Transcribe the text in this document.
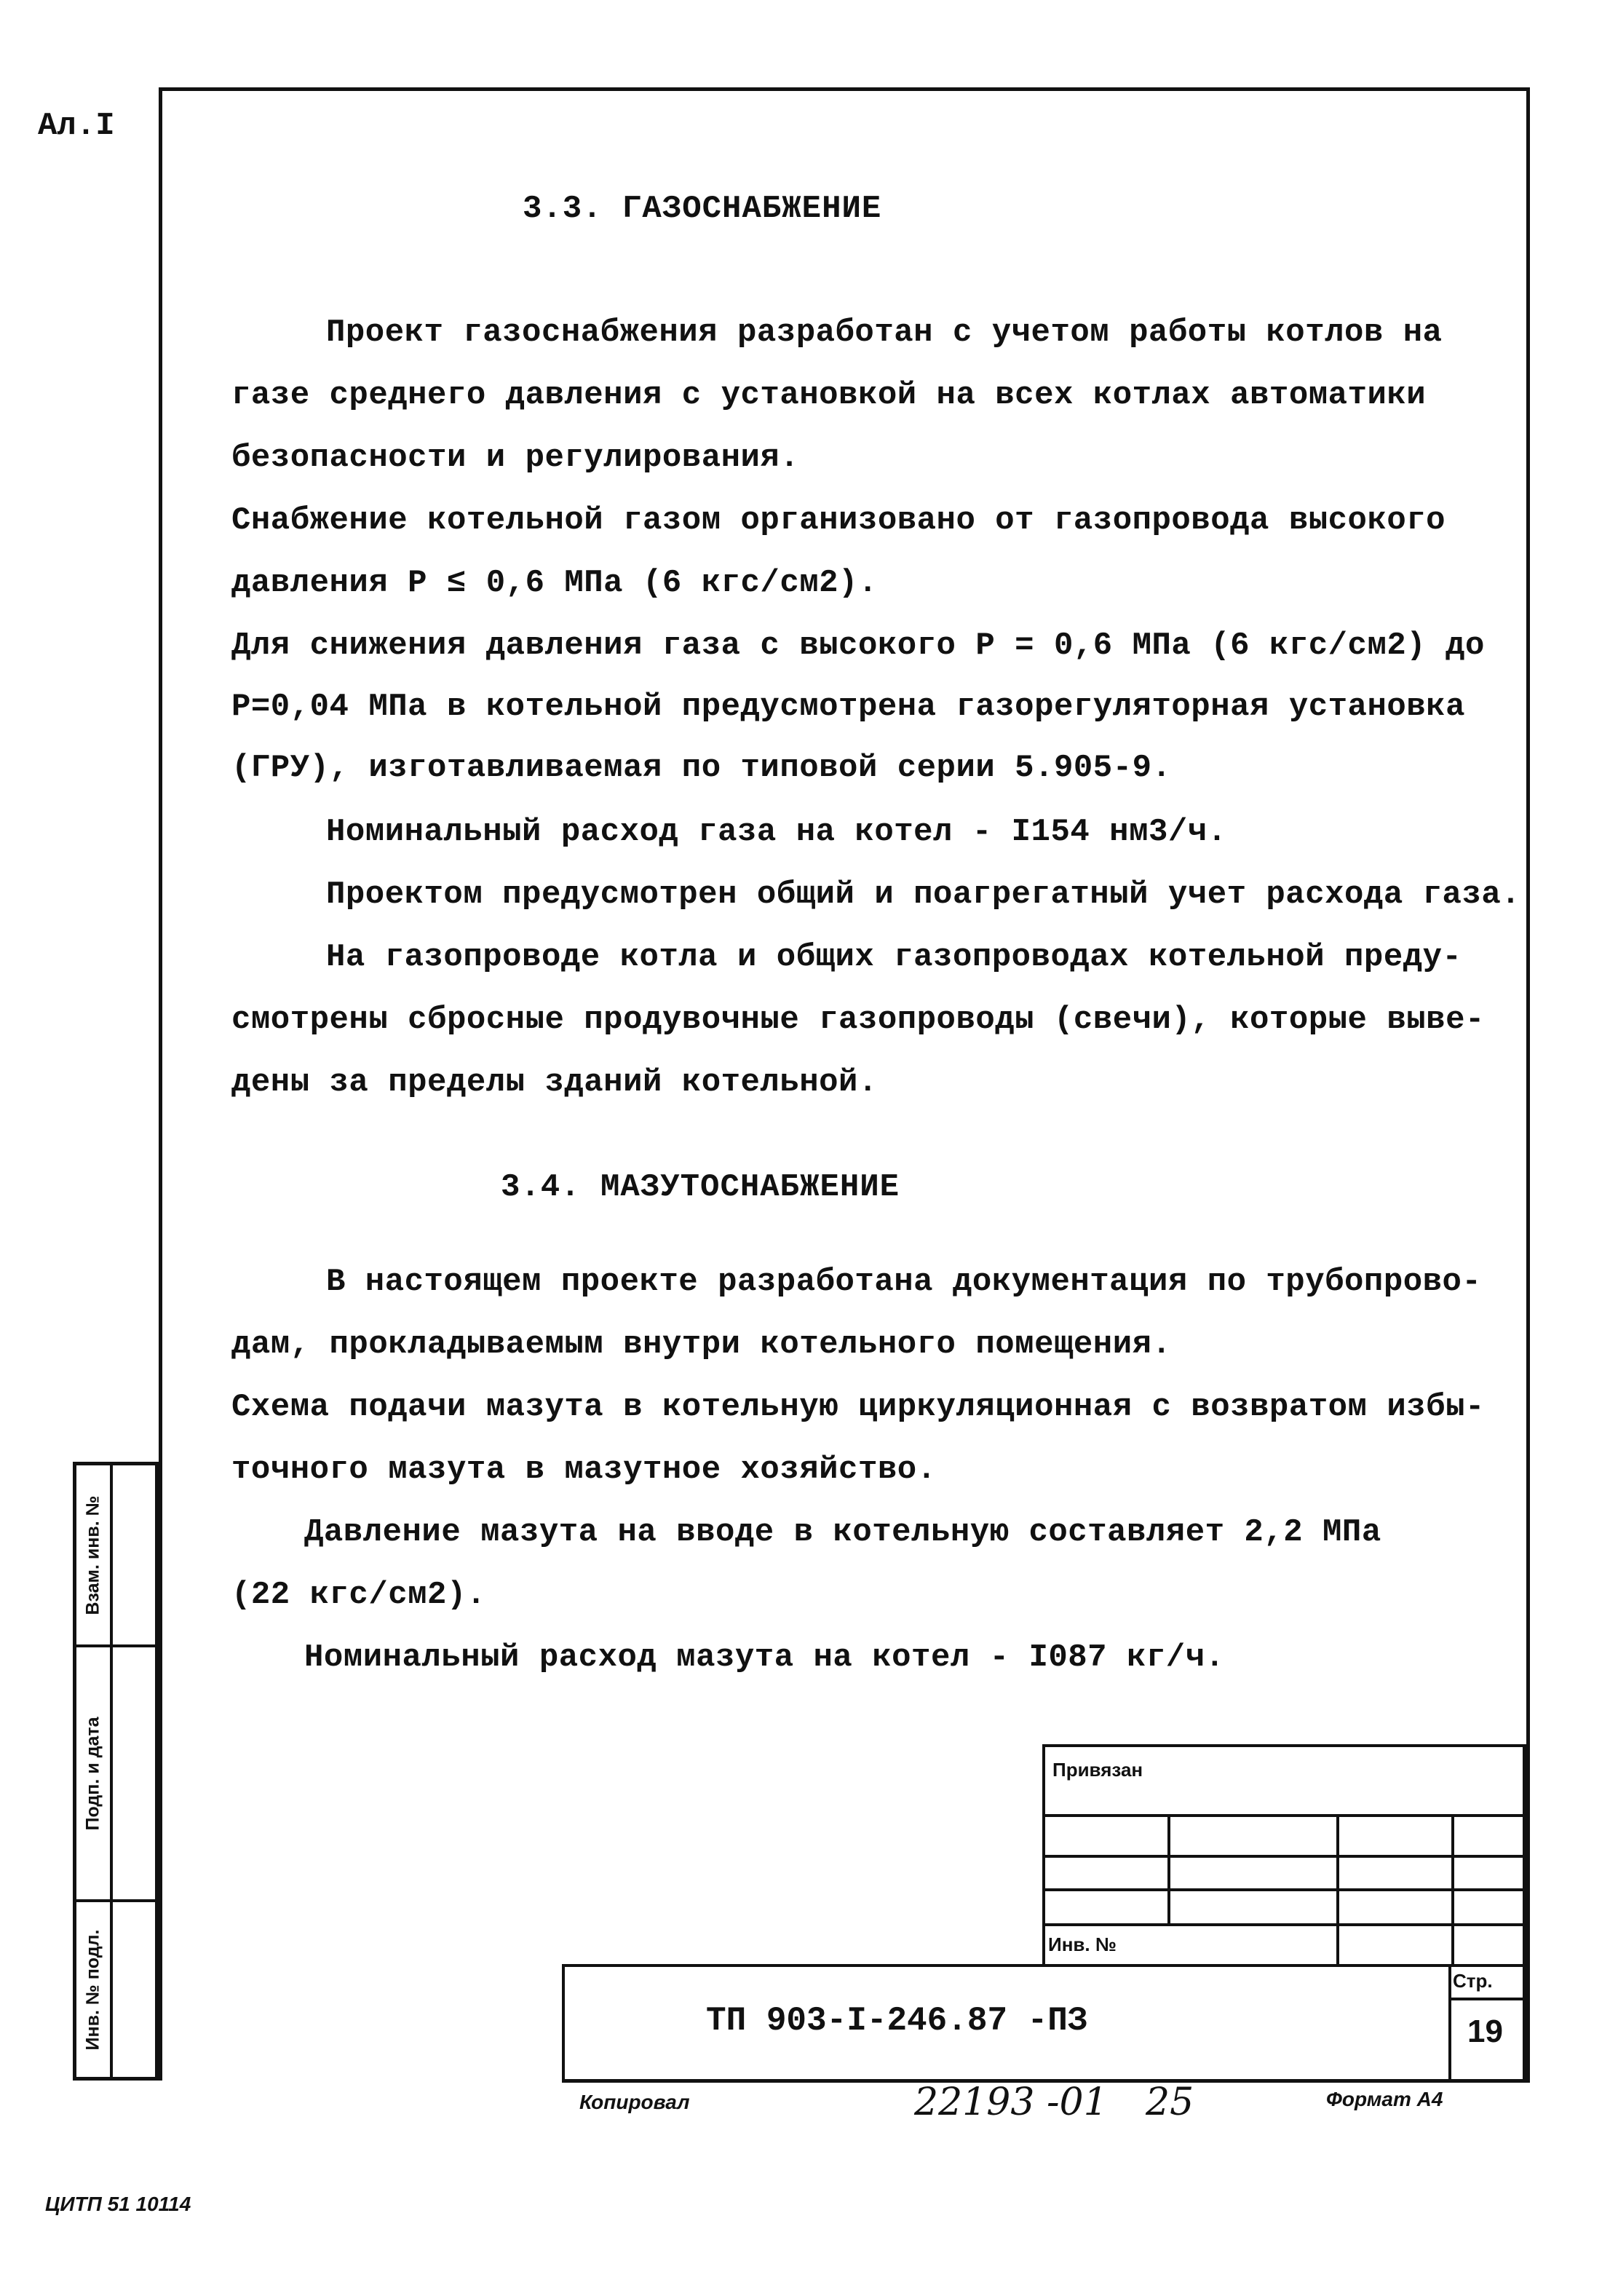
Ал.I
3.3. ГАЗОСНАБЖЕНИЕ
Проект газоснабжения разработан с учетом работы котлов на
газе среднего давления с установкой на всех котлах автоматики
безопасности и регулирования.
Снабжение котельной газом организовано от газопровода высокого
давления Р ≤ 0,6 МПа (6 кгс/см2).
Для снижения давления газа с высокого Р = 0,6 МПа (6 кгс/см2) до
Р=0,04 МПа в котельной предусмотрена газорегуляторная установка
(ГРУ), изготавливаемая по типовой серии 5.905-9.
Номинальный расход газа на котел - I154 нм3/ч.
Проектом предусмотрен общий и поагрегатный учет расхода газа.
На газопроводе котла и общих газопроводах котельной преду-
смотрены сбросные продувочные газопроводы (свечи), которые выве-
дены за пределы зданий котельной.
3.4. МАЗУТОСНАБЖЕНИЕ
В настоящем проекте разработана документация по трубопрово-
дам, прокладываемым внутри котельного помещения.
Схема подачи мазута в котельную циркуляционная с возвратом избы-
точного мазута в мазутное хозяйство.
Давление мазута на вводе в котельную составляет 2,2 МПа
(22 кгс/см2).
Номинальный расход мазута на котел - I087 кг/ч.
Взам. инв. №
Подп. и дата
Инв. № подл.
Привязан
Инв. №
Стр.
19
ТП 903-I-246.87 -ПЗ
Копировал	22193 -01 25	Формат А4
ЦИТП 51 10114
